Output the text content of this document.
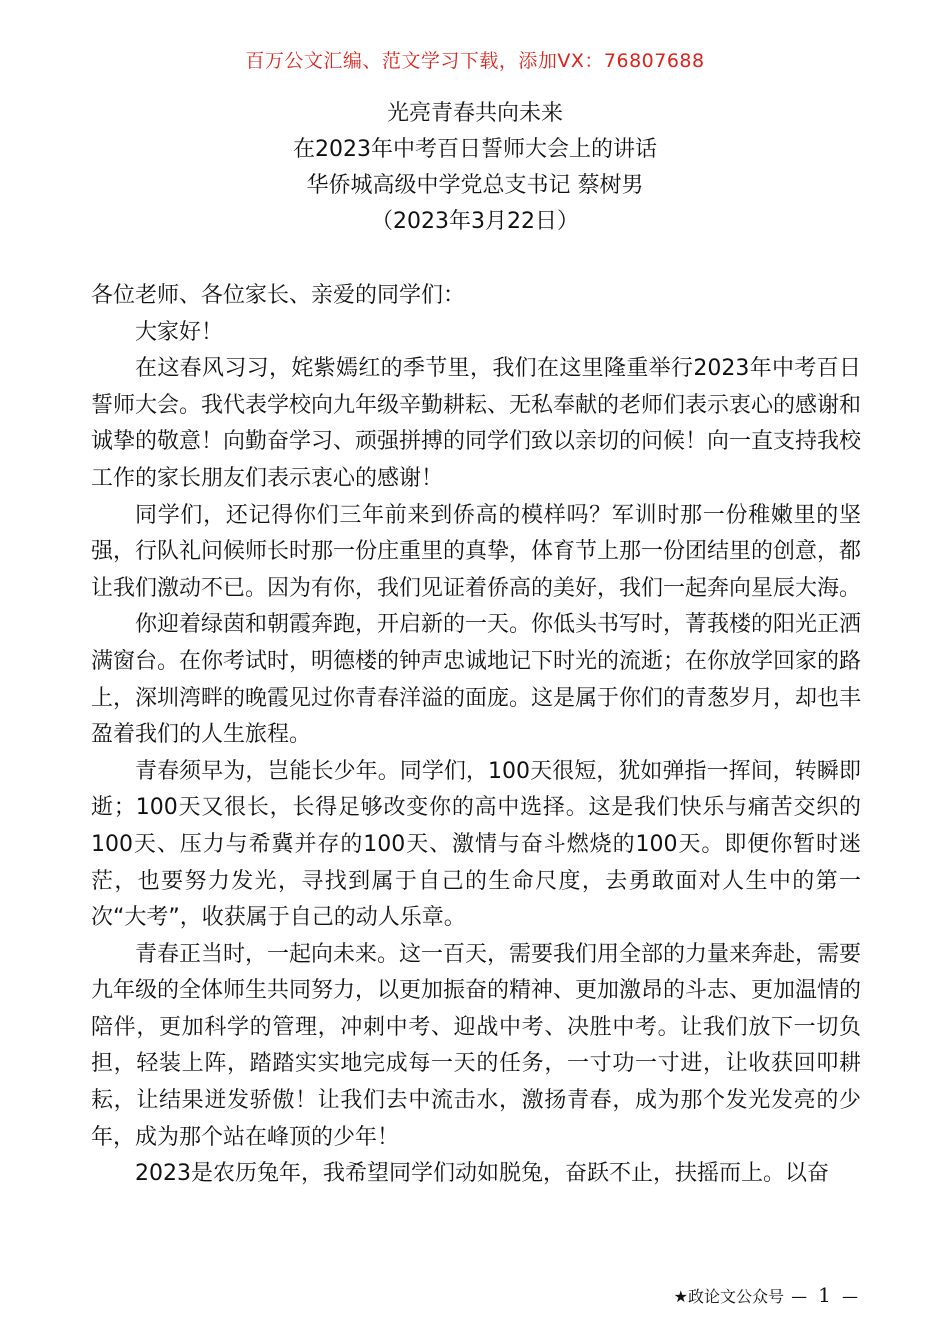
百万公文汇编、范文学习下载，添加VX：76807688
光亮青春共向未来
在2023年中考百日誓师大会上的讲话
华侨城高级中学党总支书记 蔡树男
（2023年3月22日）

各位老师、各位家长、亲爱的同学们：

大家好！

在这春风习习，姹紫嫣红的季节里，我们在这里隆重举行2023年中考百日誓师大会。我代表学校向九年级辛勤耕耘、无私奉献的老师们表示衷心的感谢和诚挚的敬意！向勤奋学习、顽强拼搏的同学们致以亲切的问候！向一直支持我校工作的家长朋友们表示衷心的感谢！

同学们，还记得你们三年前来到侨高的模样吗？军训时那一份稚嫩里的坚强，行队礼问候师长时那一份庄重里的真挚，体育节上那一份团结里的创意，都让我们激动不已。因为有你，我们见证着侨高的美好，我们一起奔向星辰大海。

你迎着绿茵和朝霞奔跑，开启新的一天。你低头书写时，菁莪楼的阳光正洒满窗台。在你考试时，明德楼的钟声忠诚地记下时光的流逝；在你放学回家的路上，深圳湾畔的晚霞见过你青春洋溢的面庞。这是属于你们的青葱岁月，却也丰盈着我们的人生旅程。

青春须早为，岂能长少年。同学们，100天很短，犹如弹指一挥间，转瞬即逝；100天又很长，长得足够改变你的高中选择。这是我们快乐与痛苦交织的100天、压力与希冀并存的100天、激情与奋斗燃烧的100天。即便你暂时迷茫，也要努力发光，寻找到属于自己的生命尺度，去勇敢面对人生中的第一次“大考”，收获属于自己的动人乐章。

青春正当时，一起向未来。这一百天，需要我们用全部的力量来奔赴，需要九年级的全体师生共同努力，以更加振奋的精神、更加激昂的斗志、更加温情的陪伴，更加科学的管理，冲刺中考、迎战中考、决胜中考。让我们放下一切负担，轻装上阵，踏踏实实地完成每一天的任务，一寸功一寸进，让收获回叩耕耘，让结果迸发骄傲！让我们去中流击水，激扬青春，成为那个发光发亮的少年，成为那个站在峰顶的少年！

2023是农历兔年，我希望同学们动如脱兔，奋跃不止，扶摇而上。以奋

★政论文公众号 — 1 —
